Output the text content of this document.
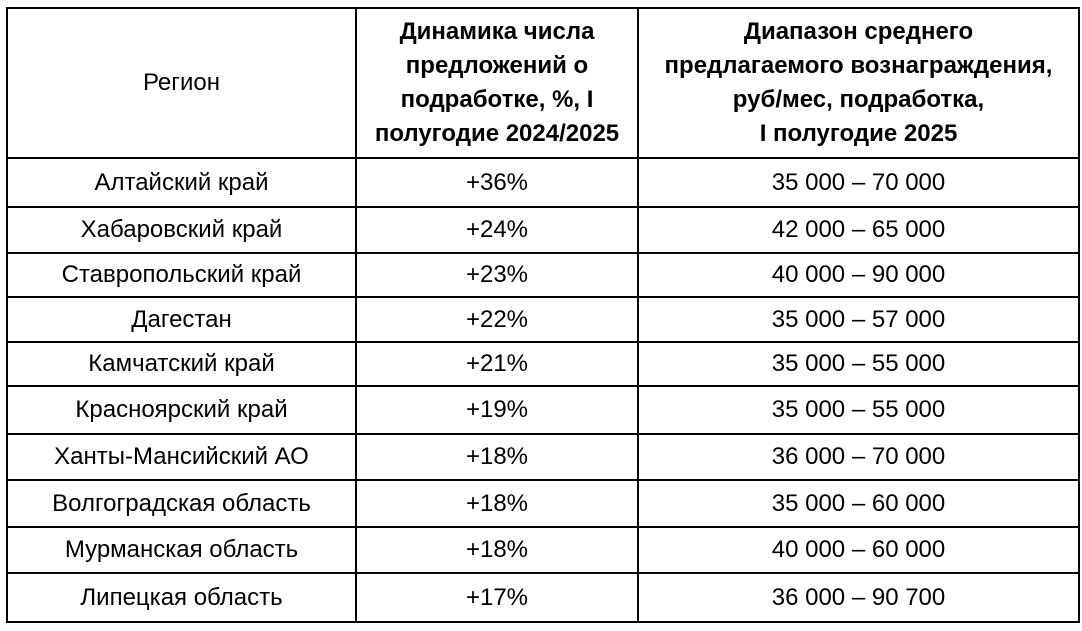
Регион	Динамика числа
предложений о
подработке, %, I
полугодие 2024/2025	Диапазон среднего
предлагаемого вознаграждения,
руб/мес, подработка,
I полугодие 2025

Алтайский край	+36%	35 000 – 70 000
Хабаровский край	+24%	42 000 – 65 000
Ставропольский край	+23%	40 000 – 90 000
Дагестан	+22%	35 000 – 57 000
Камчатский край	+21%	35 000 – 55 000
Красноярский край	+19%	35 000 – 55 000
Ханты-Мансийский АО	+18%	36 000 – 70 000
Волгоградская область	+18%	35 000 – 60 000
Мурманская область	+18%	40 000 – 60 000
Липецкая область	+17%	36 000 – 90 700
